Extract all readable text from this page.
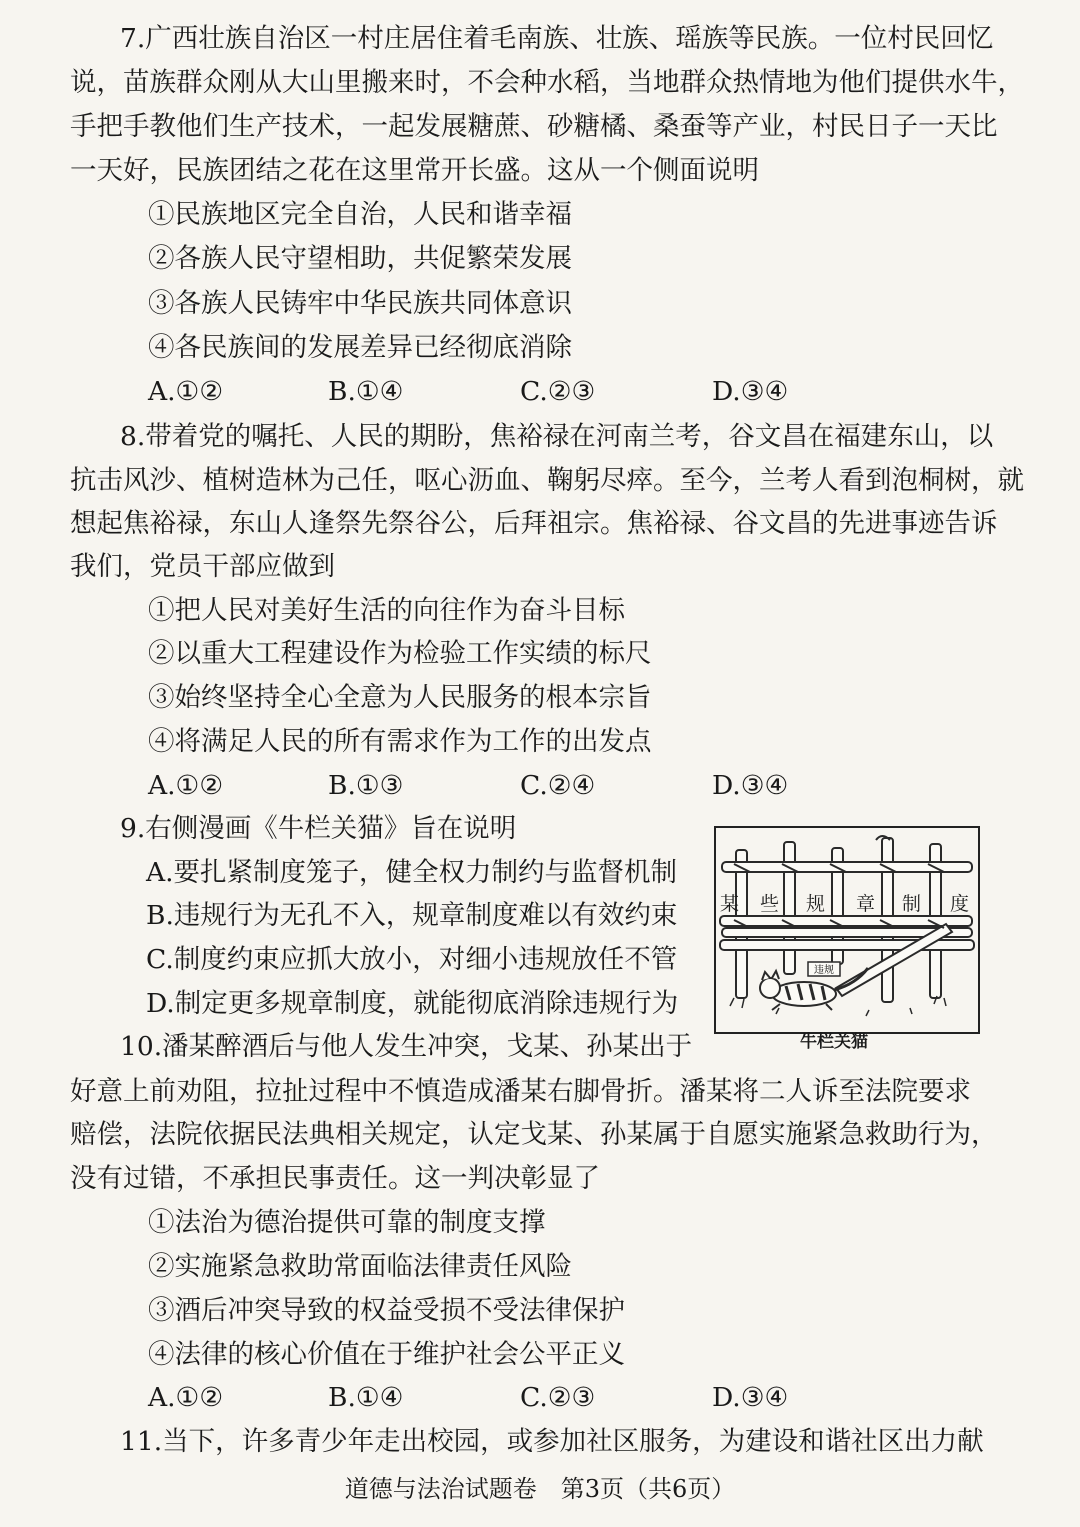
7.广西壮族自治区一村庄居住着毛南族、壮族、瑶族等民族。一位村民回忆
说，苗族群众刚从大山里搬来时，不会种水稻，当地群众热情地为他们提供水牛，
手把手教他们生产技术，一起发展糖蔗、砂糖橘、桑蚕等产业，村民日子一天比
一天好，民族团结之花在这里常开长盛。这从一个侧面说明
①民族地区完全自治，人民和谐幸福
②各族人民守望相助，共促繁荣发展
③各族人民铸牢中华民族共同体意识
④各民族间的发展差异已经彻底消除
A.①②	B.①④	C.②③	D.③④
8.带着党的嘱托、人民的期盼，焦裕禄在河南兰考，谷文昌在福建东山，以
抗击风沙、植树造林为己任，呕心沥血、鞠躬尽瘁。至今，兰考人看到泡桐树，就
想起焦裕禄，东山人逢祭先祭谷公，后拜祖宗。焦裕禄、谷文昌的先进事迹告诉
我们，党员干部应做到
①把人民对美好生活的向往作为奋斗目标
②以重大工程建设作为检验工作实绩的标尺
③始终坚持全心全意为人民服务的根本宗旨
④将满足人民的所有需求作为工作的出发点
A.①②	B.①③	C.②④	D.③④
9.右侧漫画《牛栏关猫》旨在说明
A.要扎紧制度笼子，健全权力制约与监督机制
B.违规行为无孔不入，规章制度难以有效约束
C.制度约束应抓大放小，对细小违规放任不管
D.制定更多规章制度，就能彻底消除违规行为
违规
某 些 规 章 制 度
牛栏关猫
10.潘某醉酒后与他人发生冲突，戈某、孙某出于
好意上前劝阻，拉扯过程中不慎造成潘某右脚骨折。潘某将二人诉至法院要求
赔偿，法院依据民法典相关规定，认定戈某、孙某属于自愿实施紧急救助行为，
没有过错，不承担民事责任。这一判决彰显了
①法治为德治提供可靠的制度支撑
②实施紧急救助常面临法律责任风险
③酒后冲突导致的权益受损不受法律保护
④法律的核心价值在于维护社会公平正义
A.①②	B.①④	C.②③	D.③④
11.当下，许多青少年走出校园，或参加社区服务，为建设和谐社区出力献
道德与法治试题卷　第3页（共6页）
